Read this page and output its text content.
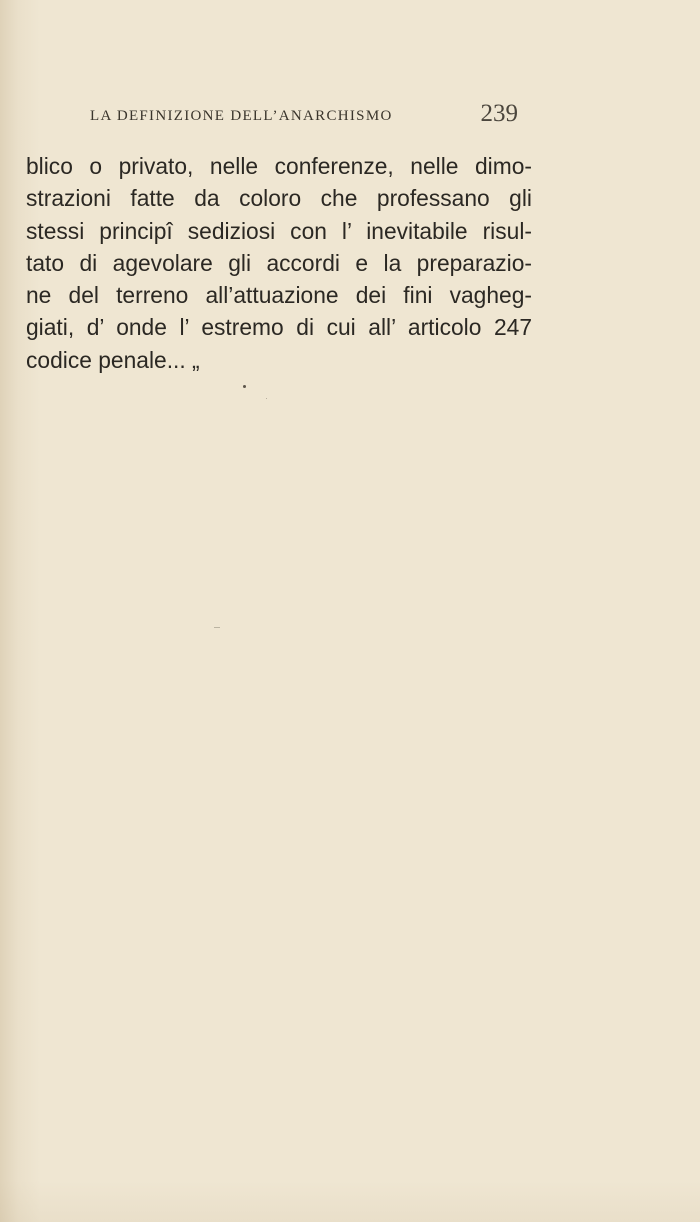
LA DEFINIZIONE DELL’ANARCHISMO	239
blico o privato, nelle conferenze, nelle dimo-
strazioni fatte da coloro che professano gli
stessi principî sediziosi con l’ inevitabile risul-
tato di agevolare gli accordi e la preparazio-
ne del terreno all’attuazione dei fini vagheg-
giati, d’ onde l’ estremo di cui all’ articolo 247
codice penale... „
